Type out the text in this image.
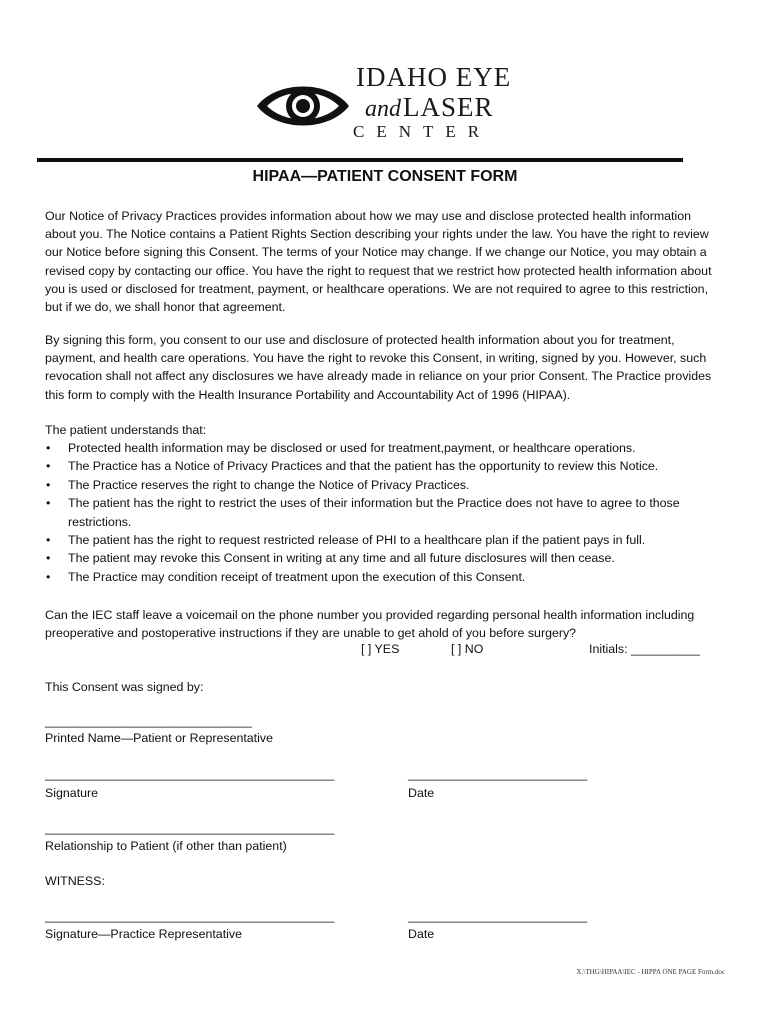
IDAHO EYE
andLASER
CENTER
HIPAA—PATIENT CONSENT FORM
Our Notice of Privacy Practices provides information about how we may use and disclose protected health information about you. The Notice contains a Patient Rights Section describing your rights under the law. You have the right to review our Notice before signing this Consent. The terms of your Notice may change. If we change our Notice, you may obtain a revised copy by contacting our office. You have the right to request that we restrict how protected health information about you is used or disclosed for treatment, payment, or healthcare operations. We are not required to agree to this restriction, but if we do, we shall honor that agreement.
By signing this form, you consent to our use and disclosure of protected health information about you for treatment, payment, and health care operations. You have the right to revoke this Consent, in writing, signed by you. However, such revocation shall not affect any disclosures we have already made in reliance on your prior Consent. The Practice provides this form to comply with the Health Insurance Portability and Accountability Act of 1996 (HIPAA).
The patient understands that:
• Protected health information may be disclosed or used for treatment,payment, or healthcare operations.
• The Practice has a Notice of Privacy Practices and that the patient has the opportunity to review this Notice.
• The Practice reserves the right to change the Notice of Privacy Practices.
• The patient has the right to restrict the uses of their information but the Practice does not have to agree to those restrictions.
• The patient has the right to request restricted release of PHI to a healthcare plan if the patient pays in full.
• The patient may revoke this Consent in writing at any time and all future disclosures will then cease.
• The Practice may condition receipt of treatment upon the execution of this Consent.
Can the IEC staff leave a voicemail on the phone number you provided regarding personal health information including preoperative and postoperative instructions if they are unable to get ahold of you before surgery?
[ ] YES	[ ] NO	Initials: __________
This Consent was signed by:
______________________________
Printed Name—Patient or Representative
__________________________________________
Signature
__________________________
Date
__________________________________________
Relationship to Patient (if other than patient)
WITNESS:
__________________________________________
Signature—Practice Representative
__________________________
Date
X:\THG\HIPAA\IEC - HIPPA ONE PAGE Form.doc
